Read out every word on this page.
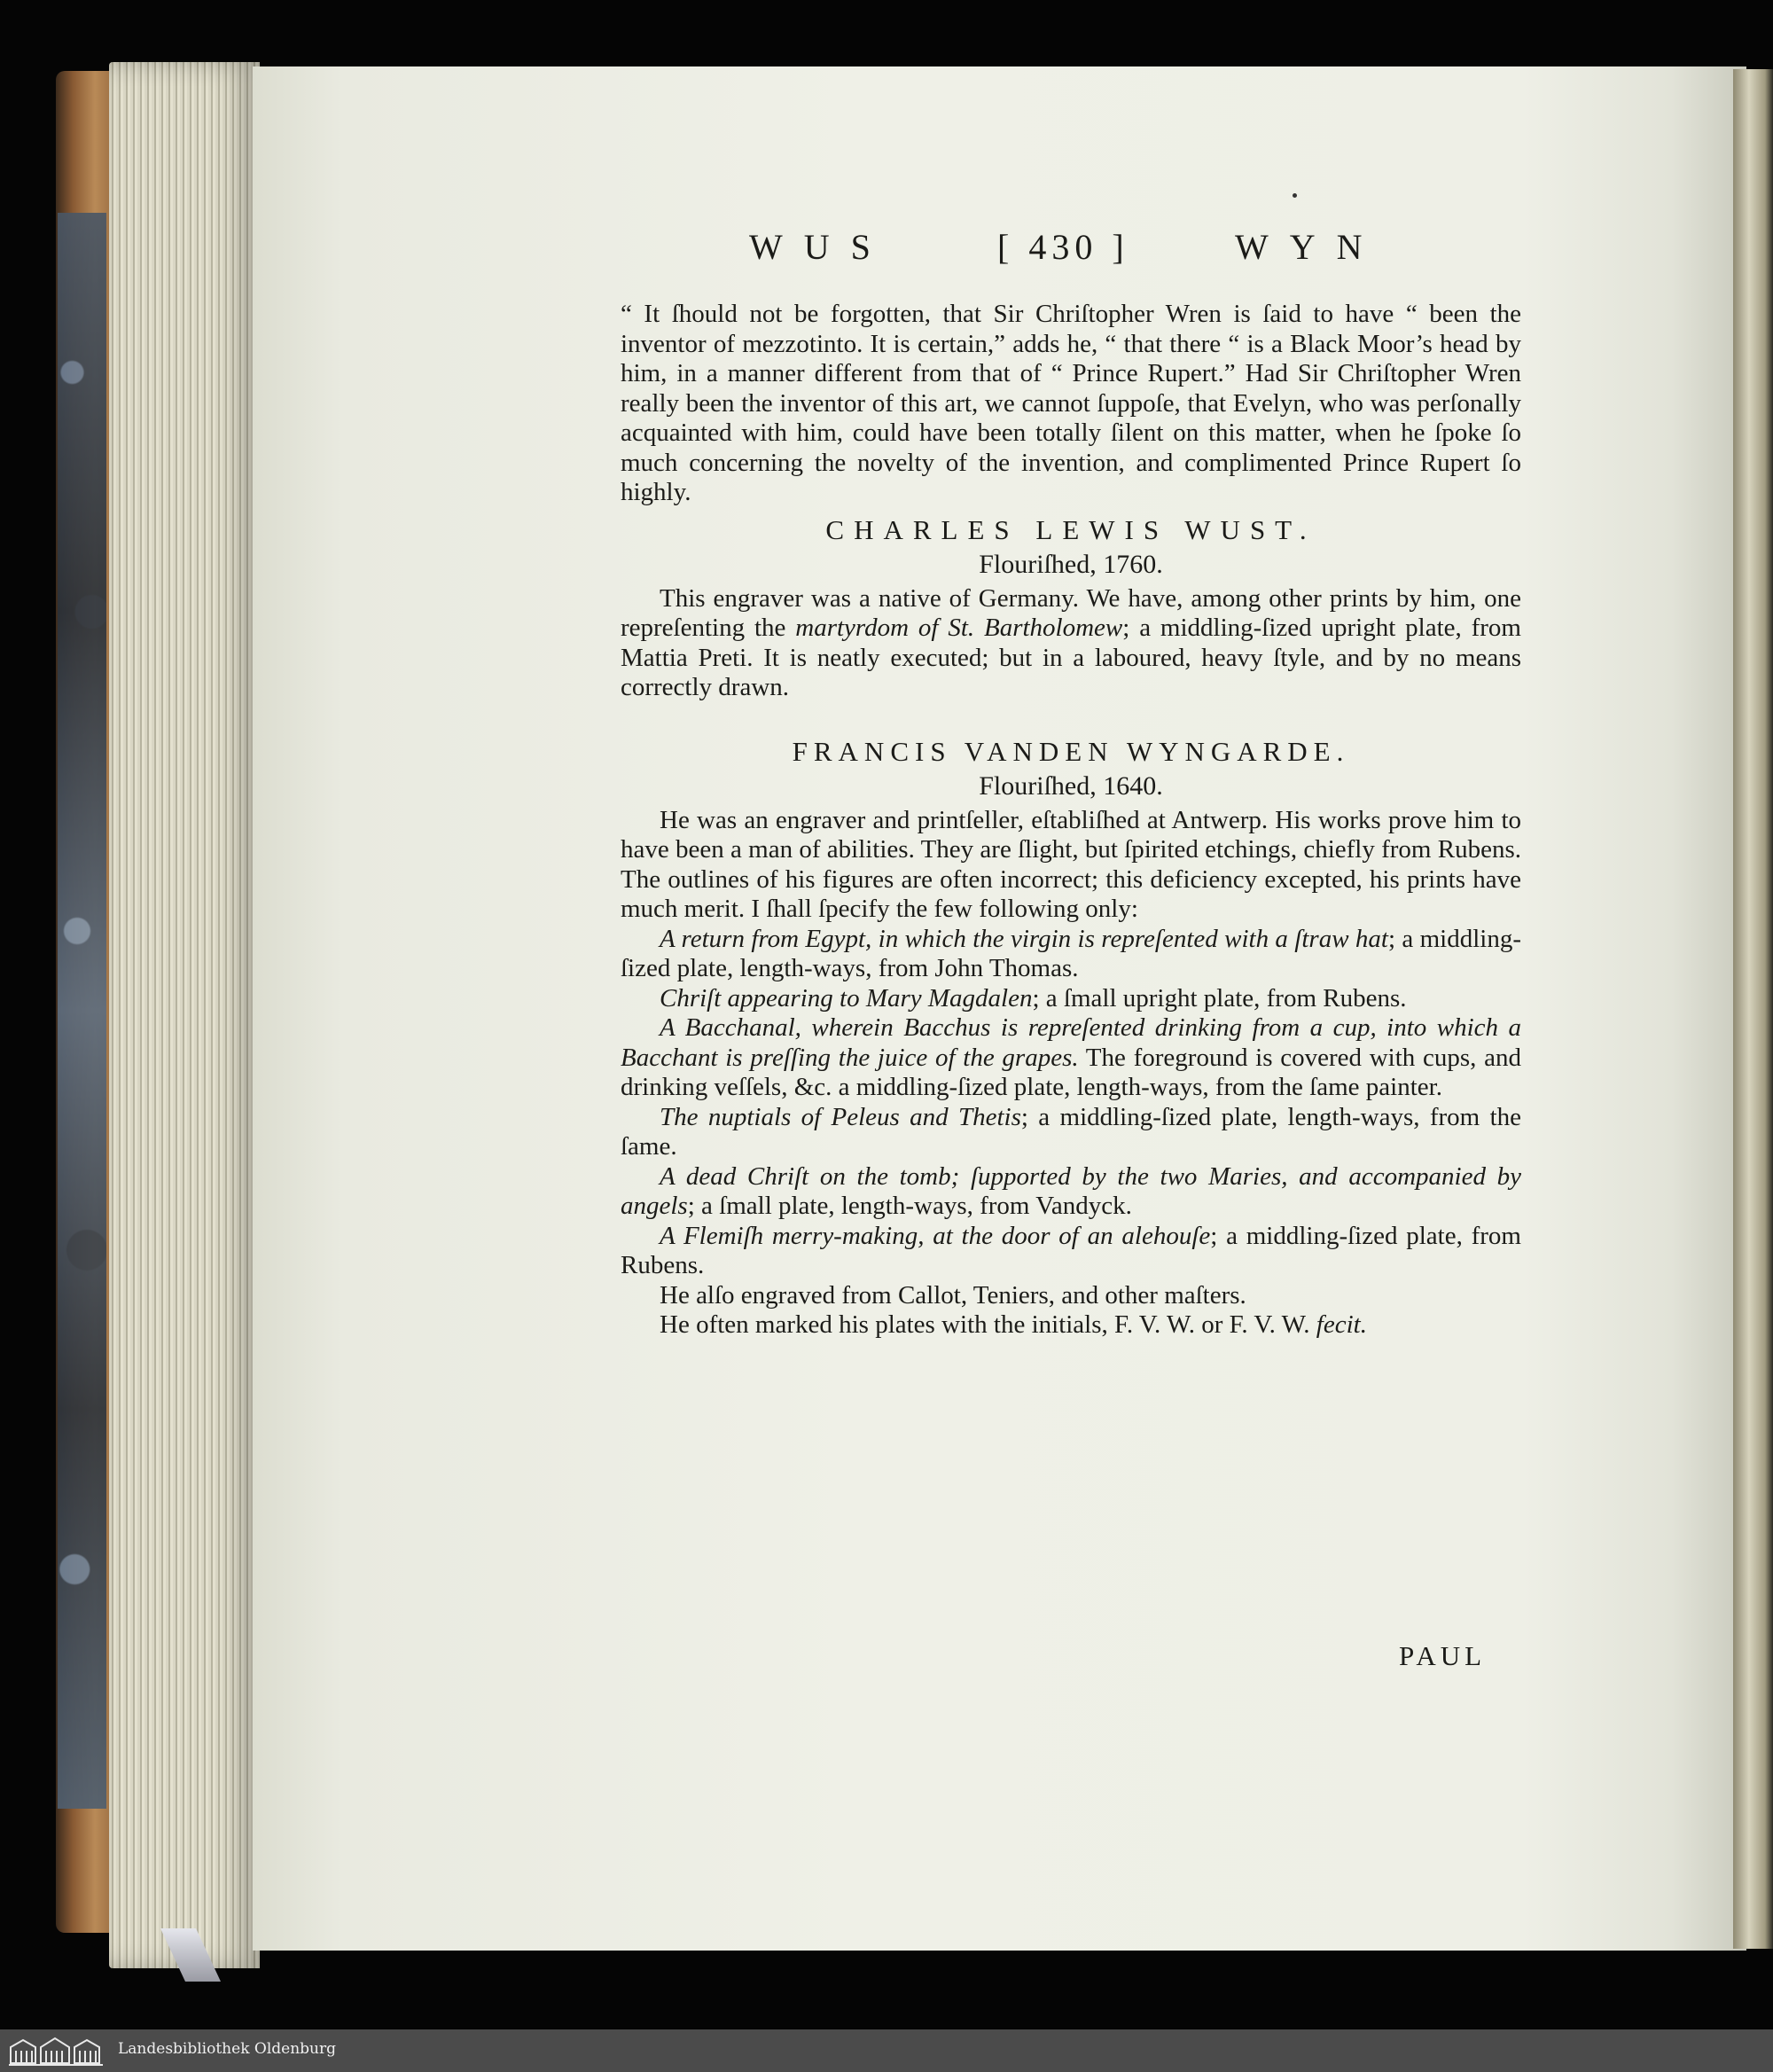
WUS	[ 430 ]	WYN

“ It ſhould not be forgotten, that Sir Chriſtopher Wren is ſaid to have “ been the inventor of mezzotinto. It is certain,” adds he, “ that there “ is a Black Moor’s head by him, in a manner different from that of “ Prince Rupert.” Had Sir Chriſtopher Wren really been the inventor of this art, we cannot ſuppoſe, that Evelyn, who was perſonally acquainted with him, could have been totally ſilent on this matter, when he ſpoke ſo much concerning the novelty of the invention, and complimented Prince Rupert ſo highly.

CHARLES LEWIS WUST.

Flouriſhed, 1760.

This engraver was a native of Germany. We have, among other prints by him, one repreſenting the martyrdom of St. Bartholomew; a middling-ſized upright plate, from Mattia Preti. It is neatly executed; but in a laboured, heavy ſtyle, and by no means correctly drawn.

FRANCIS VANDEN WYNGARDE.

Flouriſhed, 1640.

He was an engraver and printſeller, eſtabliſhed at Antwerp. His works prove him to have been a man of abilities. They are ſlight, but ſpirited etchings, chiefly from Rubens. The outlines of his figures are often incorrect; this deficiency excepted, his prints have much merit. I ſhall ſpecify the few following only:

A return from Egypt, in which the virgin is repreſented with a ſtraw hat; a middling-ſized plate, length-ways, from John Thomas.

Chriſt appearing to Mary Magdalen; a ſmall upright plate, from Rubens.

A Bacchanal, wherein Bacchus is repreſented drinking from a cup, into which a Bacchant is preſſing the juice of the grapes. The foreground is covered with cups, and drinking veſſels, &c. a middling-ſized plate, length-ways, from the ſame painter.

The nuptials of Peleus and Thetis; a middling-ſized plate, length-ways, from the ſame.

A dead Chriſt on the tomb; ſupported by the two Maries, and accompanied by angels; a ſmall plate, length-ways, from Vandyck.

A Flemiſh merry-making, at the door of an alehouſe; a middling-ſized plate, from Rubens.

He alſo engraved from Callot, Teniers, and other maſters.

He often marked his plates with the initials, F. V. W. or F. V. W. fecit.

PAUL
Landesbibliothek Oldenburg
